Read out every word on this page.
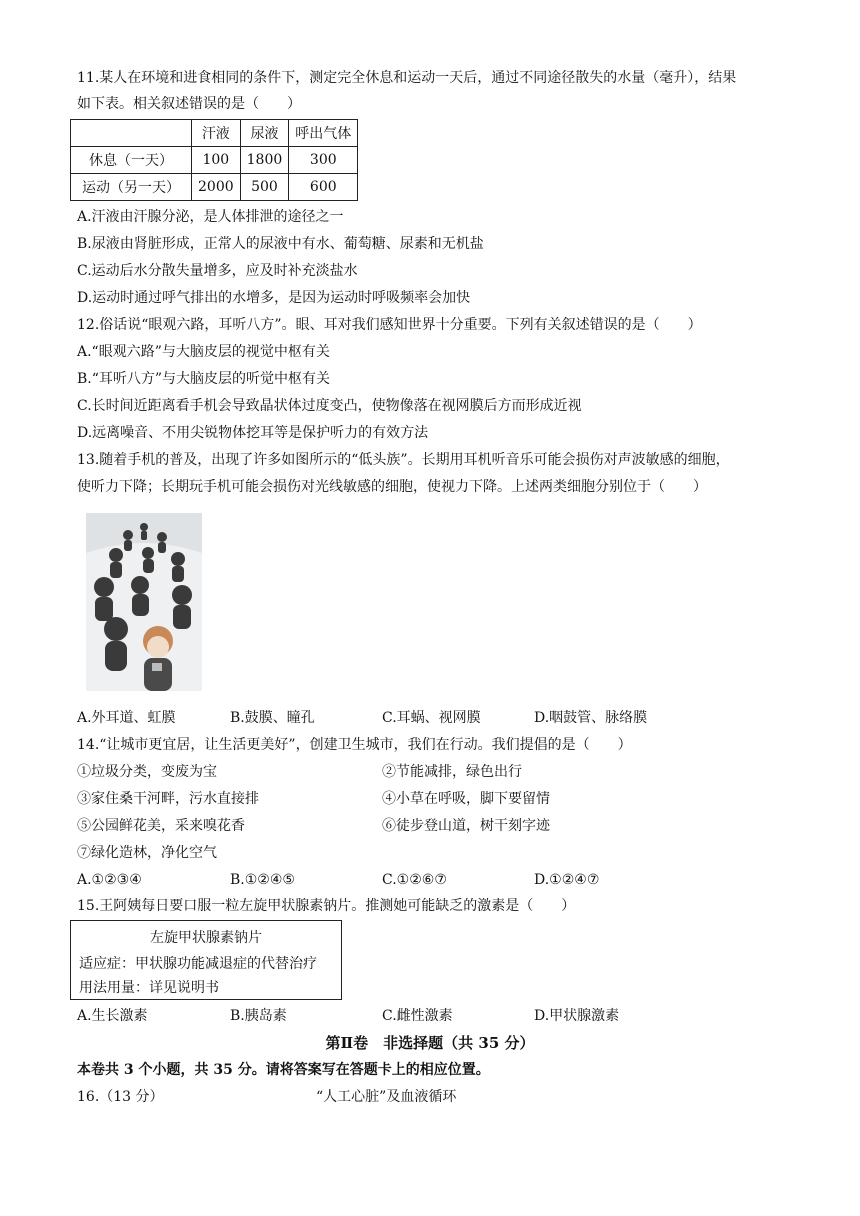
11.某人在环境和进食相同的条件下，测定完全休息和运动一天后，通过不同途径散失的水量（毫升），结果
如下表。相关叙述错误的是（　　）
	汗液	尿液	呼出气体
休息（一天）	100	1800	300
运动（另一天）	2000	500	600
A.汗液由汗腺分泌，是人体排泄的途径之一
B.尿液由肾脏形成，正常人的尿液中有水、葡萄糖、尿素和无机盐
C.运动后水分散失量增多，应及时补充淡盐水
D.运动时通过呼气排出的水增多，是因为运动时呼吸频率会加快
12.俗话说“眼观六路，耳听八方”。眼、耳对我们感知世界十分重要。下列有关叙述错误的是（　　）
A.“眼观六路”与大脑皮层的视觉中枢有关
B.“耳听八方”与大脑皮层的听觉中枢有关
C.长时间近距离看手机会导致晶状体过度变凸，使物像落在视网膜后方而形成近视
D.远离噪音、不用尖锐物体挖耳等是保护听力的有效方法
13.随着手机的普及，出现了许多如图所示的“低头族”。长期用耳机听音乐可能会损伤对声波敏感的细胞，
使听力下降；长期玩手机可能会损伤对光线敏感的细胞，使视力下降。上述两类细胞分别位于（　　）
A.外耳道、虹膜	B.鼓膜、瞳孔	C.耳蜗、视网膜	D.咽鼓管、脉络膜
14.“让城市更宜居，让生活更美好”，创建卫生城市，我们在行动。我们提倡的是（　　）
①垃圾分类，变废为宝	②节能减排，绿色出行
③家住桑干河畔，污水直接排	④小草在呼吸，脚下要留情
⑤公园鲜花美，采来嗅花香	⑥徒步登山道，树干刻字迹
⑦绿化造林，净化空气
A.①②③④	B.①②④⑤	C.①②⑥⑦	D.①②④⑦
15.王阿姨每日要口服一粒左旋甲状腺素钠片。推测她可能缺乏的激素是（　　）
左旋甲状腺素钠片
适应症：甲状腺功能减退症的代替治疗
用法用量：详见说明书
A.生长激素	B.胰岛素	C.雌性激素	D.甲状腺激素
第Ⅱ卷　非选择题（共 35 分）
本卷共 3 个小题，共 35 分。请将答案写在答题卡上的相应位置。
16.（13 分）	“人工心脏”及血液循环
